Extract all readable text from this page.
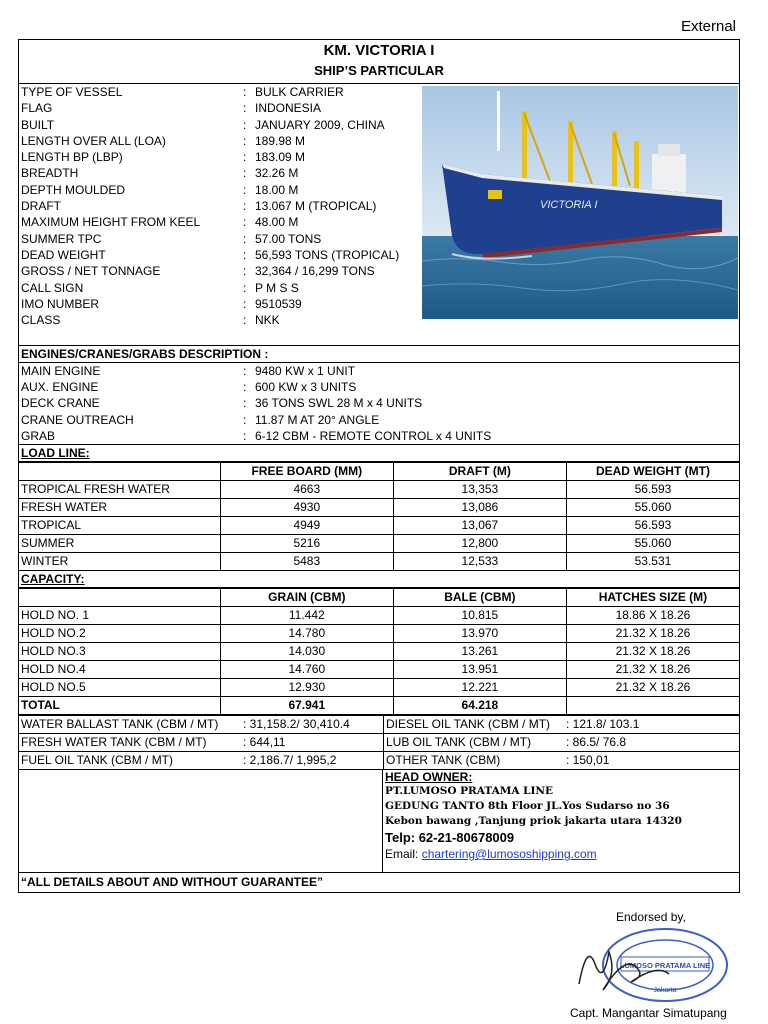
External
KM. VICTORIA I
SHIP’S PARTICULAR
TYPE OF VESSEL	: BULK CARRIER
FLAG	: INDONESIA
BUILT	: JANUARY 2009, CHINA
LENGTH OVER ALL (LOA)	: 189.98 M
LENGTH BP (LBP)	: 183.09 M
BREADTH	: 32.26 M
DEPTH MOULDED	: 18.00 M
DRAFT	: 13.067 M (TROPICAL)
MAXIMUM HEIGHT FROM KEEL	: 48.00 M
SUMMER TPC	: 57.00 TONS
DEAD WEIGHT	: 56,593 TONS (TROPICAL)
GROSS / NET TONNAGE	: 32,364 / 16,299 TONS
CALL SIGN	: P M S S
IMO NUMBER	: 9510539
CLASS	: NKK
VICTORIA I
ENGINES/CRANES/GRABS DESCRIPTION :
MAIN ENGINE	: 9480 KW x 1 UNIT
AUX. ENGINE	: 600 KW x 3 UNITS
DECK CRANE	: 36 TONS SWL 28 M x 4 UNITS
CRANE OUTREACH	: 11.87 M AT 20° ANGLE
GRAB	: 6-12 CBM - REMOTE CONTROL x 4 UNITS
LOAD LINE:
	FREE BOARD (MM)	DRAFT (M)	DEAD WEIGHT (MT)
TROPICAL FRESH WATER	4663	13,353	56.593
FRESH WATER	4930	13,086	55.060
TROPICAL	4949	13,067	56.593
SUMMER	5216	12,800	55.060
WINTER	5483	12,533	53.531
CAPACITY:
	GRAIN (CBM)	BALE (CBM)	HATCHES SIZE (M)
HOLD NO. 1	11.442	10.815	18.86 X 18.26
HOLD NO.2	14.780	13.970	21.32 X 18.26
HOLD NO.3	14.030	13.261	21.32 X 18.26
HOLD NO.4	14.760	13.951	21.32 X 18.26
HOLD NO.5	12.930	12.221	21.32 X 18.26
TOTAL	67.941	64.218	
WATER BALLAST TANK (CBM / MT)	: 31,158.2/ 30,410.4	DIESEL OIL TANK (CBM / MT)	: 121.8/ 103.1
FRESH WATER TANK (CBM / MT)	: 644,11	LUB OIL TANK (CBM / MT)	: 86.5/ 76.8
FUEL OIL TANK (CBM / MT)	: 2,186.7/ 1,995,2	OTHER TANK (CBM)	: 150,01
HEAD OWNER:
PT.LUMOSO PRATAMA LINE
GEDUNG TANTO 8th Floor JL.Yos Sudarso no 36
Kebon bawang ,Tanjung priok jakarta utara 14320
Telp: 62-21-80678009
Email: chartering@lumososhipping.com
“ALL DETAILS ABOUT AND WITHOUT GUARANTEE”
Endorsed by,
LUMOSO PRATAMA LINE
Jakarta
Capt. Mangantar Simatupang
